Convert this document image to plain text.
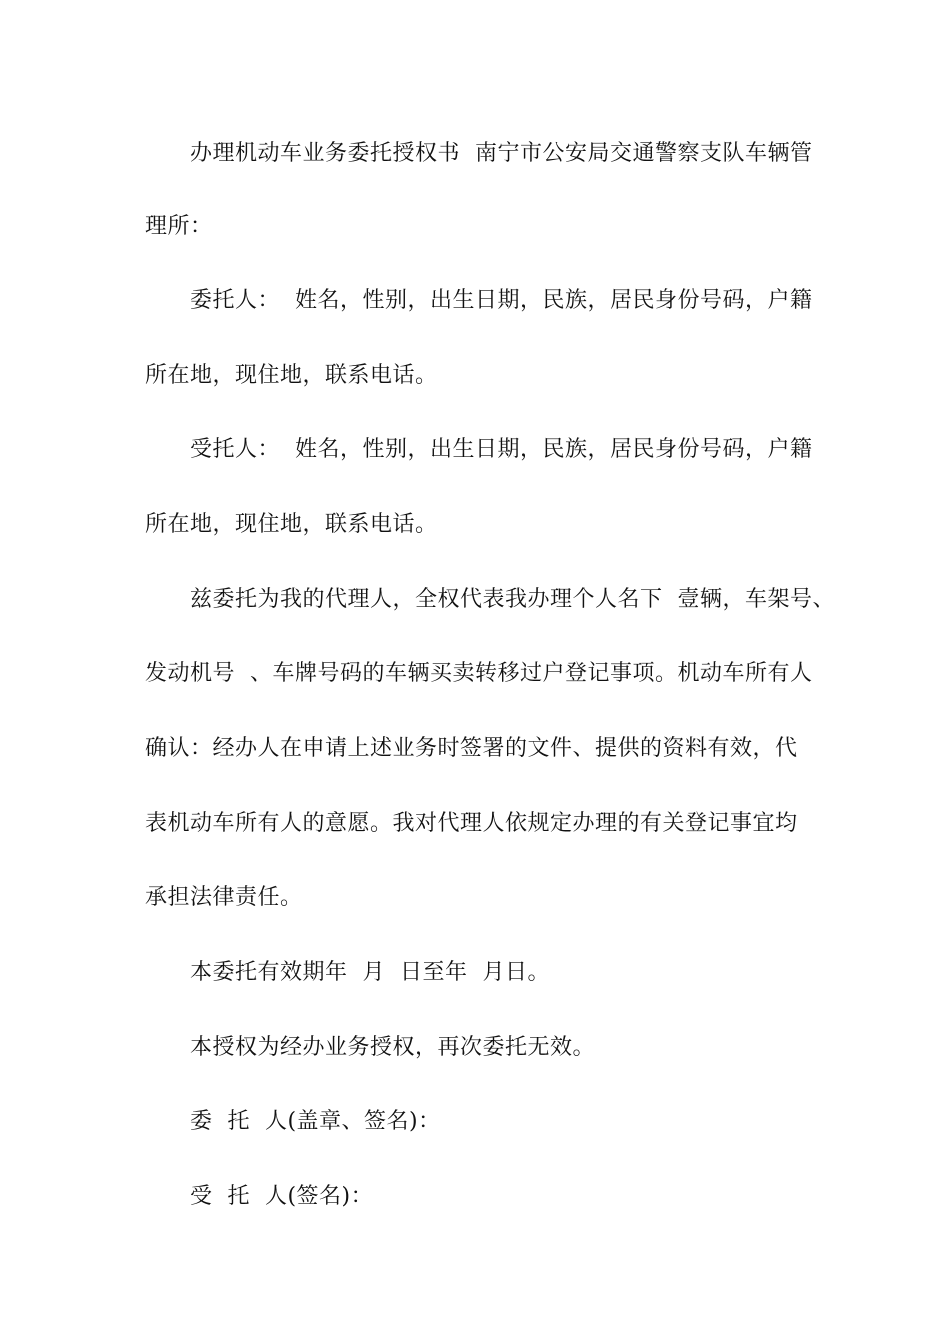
办理机动车业务委托授权书  南宁市公安局交通警察支队车辆管
理所：
委托人：  姓名，性别，出生日期，民族，居民身份号码，户籍
所在地，现住地，联系电话。
受托人：  姓名，性别，出生日期，民族，居民身份号码，户籍
所在地，现住地，联系电话。
兹委托为我的代理人，全权代表我办理个人名下  壹辆，车架号、
发动机号  、车牌号码的车辆买卖转移过户登记事项。机动车所有人
确认：经办人在申请上述业务时签署的文件、提供的资料有效，代
表机动车所有人的意愿。我对代理人依规定办理的有关登记事宜均
承担法律责任。
本委托有效期年  月  日至年  月日。
本授权为经办业务授权，再次委托无效。
委  托  人(盖章、签名)：
受  托  人(签名)：
